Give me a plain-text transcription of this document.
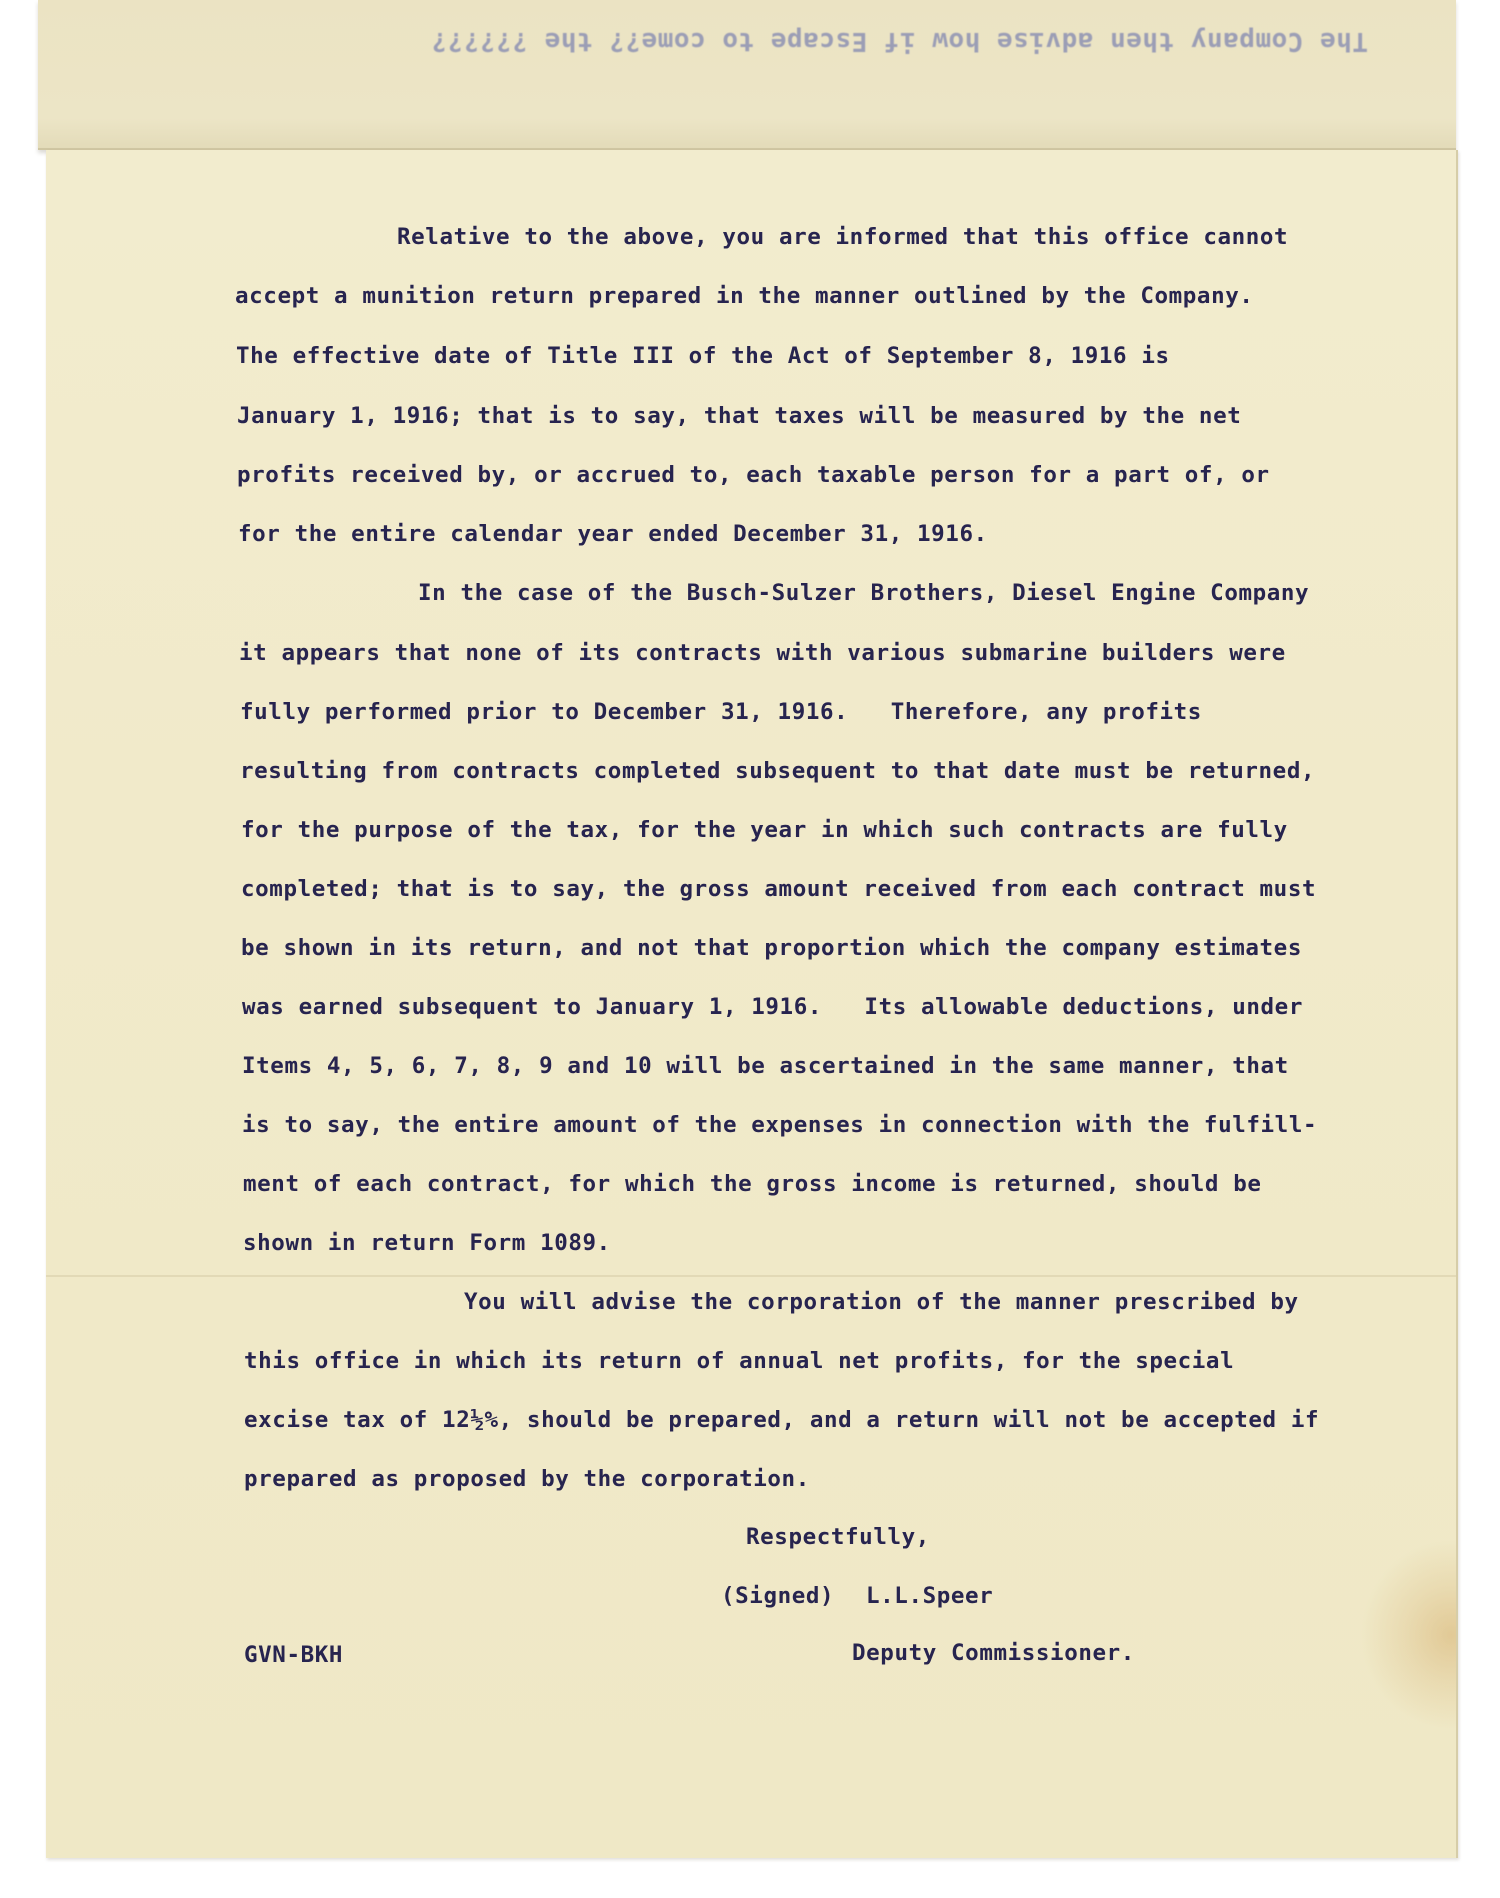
The Company then advise how if Escape to come?? the ??????
Relative to the above, you are informed that this office cannot
accept a munition return prepared in the manner outlined by the Company.
The effective date of Title III of the Act of September 8, 1916 is
January 1, 1916; that is to say, that taxes will be measured by the net
profits received by, or accrued to, each taxable person for a part of, or
for the entire calendar year ended December 31, 1916.
In the case of the Busch-Sulzer Brothers, Diesel Engine Company
it appears that none of its contracts with various submarine builders were
fully performed prior to December 31, 1916.   Therefore, any profits
resulting from contracts completed subsequent to that date must be returned,
for the purpose of the tax, for the year in which such contracts are fully
completed; that is to say, the gross amount received from each contract must
be shown in its return, and not that proportion which the company estimates
was earned subsequent to January 1, 1916.   Its allowable deductions, under
Items 4, 5, 6, 7, 8, 9 and 10 will be ascertained in the same manner, that
is to say, the entire amount of the expenses in connection with the fulfill-
ment of each contract, for which the gross income is returned, should be
shown in return Form 1089.
You will advise the corporation of the manner prescribed by
this office in which its return of annual net profits, for the special
excise tax of 12½%, should be prepared, and a return will not be accepted if
prepared as proposed by the corporation.
Respectfully,
(Signed) L.L.Speer
GVN-BKH	Deputy Commissioner.
